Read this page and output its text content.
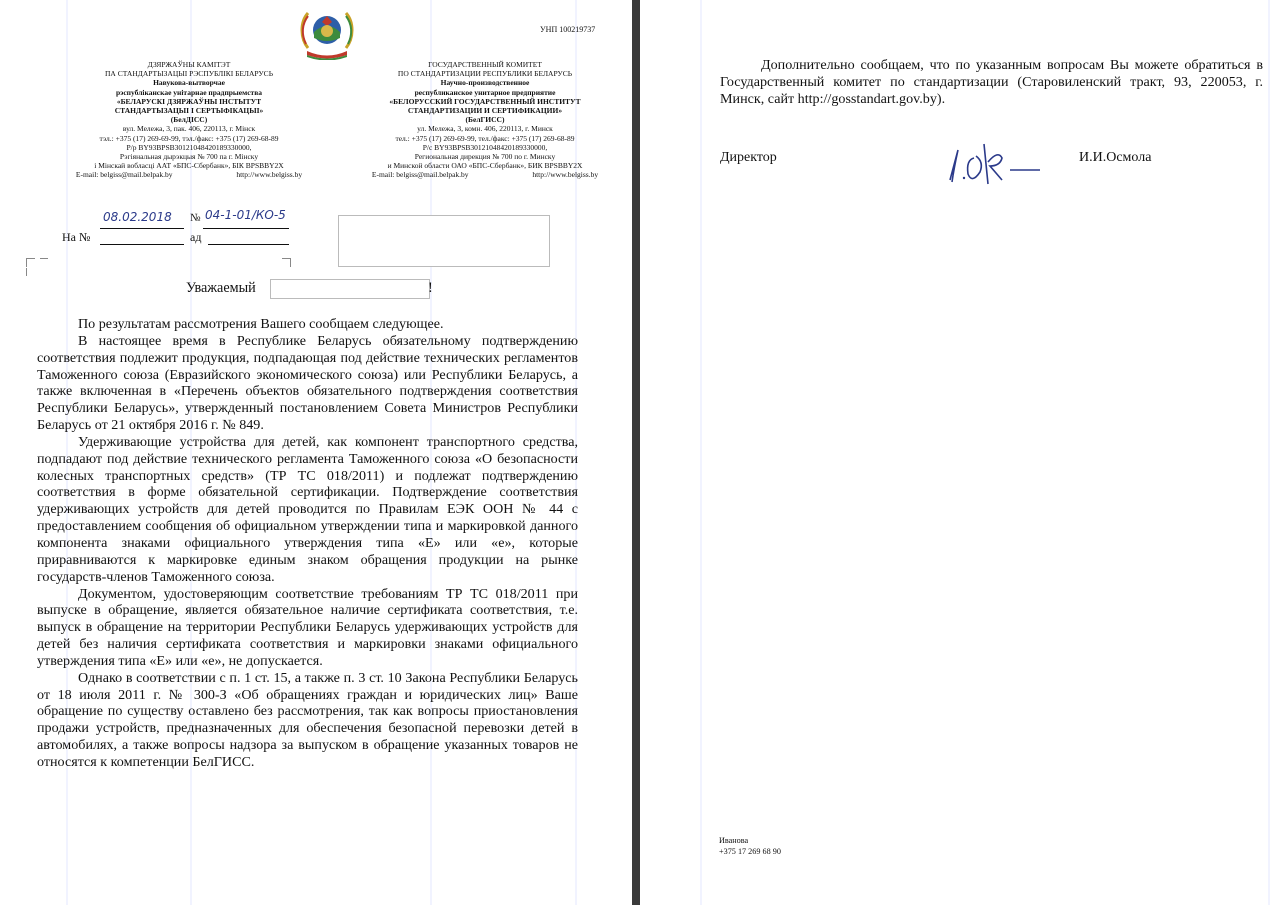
УНП 100219737
ДЗЯРЖАЎНЫ КАМІТЭТ
ПА СТАНДАРТЫЗАЦЫІ РЭСПУБЛІКІ БЕЛАРУСЬ
Навукова-вытворчае
рэспубліканскае унітарнае прадпрыемства
«БЕЛАРУСКІ ДЗЯРЖАЎНЫ ІНСТЫТУТ
СТАНДАРТЫЗАЦЫІ І СЕРТЫФІКАЦЫІ»
(БелДІСС)
вул. Мележа, 3, пак. 406, 220113, г. Мінск
тэл.: +375 (17) 269-69-99, тэл./факс: +375 (17) 269-68-89
Р/р BY93BPSB30121048420189330000,
Рэгіянальная дырэкцыя № 700 па г. Мінску
і Мінскай вобласці ААТ «БПС-Сбербанк», БІК BPSBBY2X
E-mail: belgiss@mail.belpak.by	http://www.belgiss.by
ГОСУДАРСТВЕННЫЙ КОМИТЕТ
ПО СТАНДАРТИЗАЦИИ РЕСПУБЛИКИ БЕЛАРУСЬ
Научно-производственное
республиканское унитарное предприятие
«БЕЛОРУССКИЙ ГОСУДАРСТВЕННЫЙ ИНСТИТУТ
СТАНДАРТИЗАЦИИ И СЕРТИФИКАЦИИ»
(БелГИСС)
ул. Мележа, 3, комн. 406, 220113, г. Минск
тел.: +375 (17) 269-69-99, тел./факс: +375 (17) 269-68-89
Р/с BY93BPSB30121048420189330000,
Региональная дирекция № 700 по г. Минску
и Минской области ОАО «БПС-Сбербанк», БИК BPSBBY2X
E-mail: belgiss@mail.belpak.by	http://www.belgiss.by
08.02.2018 № 04-1-01/КО-5
На №	ад
Уважаемый	!

По результатам рассмотрения Вашего сообщаем следующее.

В настоящее время в Республике Беларусь обязательному подтверждению соответствия подлежит продукция, подпадающая под действие технических регламентов Таможенного союза (Евразийского экономического союза) или Республики Беларусь, а также включенная в «Перечень объектов обязательного подтверждения соответствия Республики Беларусь», утвержденный постановлением Совета Министров Республики Беларусь от 21 октября 2016 г. № 849.

Удерживающие устройства для детей, как компонент транспортного средства, подпадают под действие технического регламента Таможенного союза «О безопасности колесных транспортных средств» (ТР ТС 018/2011) и подлежат подтверждению соответствия в форме обязательной сертификации. Подтверждение соответствия удерживающих устройств для детей проводится по Правилам ЕЭК ООН № 44 с предоставлением сообщения об официальном утверждении типа и маркировкой данного компонента знаками официального утверждения типа «Е» или «е», которые приравниваются к маркировке единым знаком обращения продукции на рынке государств-членов Таможенного союза.

Документом, удостоверяющим соответствие требованиям ТР ТС 018/2011 при выпуске в обращение, является обязательное наличие сертификата соответствия, т.е. выпуск в обращение на территории Республики Беларусь удерживающих устройств для детей без наличия сертификата соответствия и маркировки знаками официального утверждения типа «Е» или «е», не допускается.

Однако в соответствии с п. 1 ст. 15, а также п. 3 ст. 10 Закона Республики Беларусь от 18 июля 2011 г. № 300-З «Об обращениях граждан и юридических лиц» Ваше обращение по существу оставлено без рассмотрения, так как вопросы приостановления продажи устройств, предназначенных для обеспечения безопасной перевозки детей в автомобилях, а также вопросы надзора за выпуском в обращение указанных товаров не относятся к компетенции БелГИСС.

Дополнительно сообщаем, что по указанным вопросам Вы можете обратиться в Государственный комитет по стандартизации (Старовиленский тракт, 93, 220053, г. Минск, сайт http://gosstandart.gov.by).

Директор	И.И.Осмола
Иванова
+375 17 269 68 90
